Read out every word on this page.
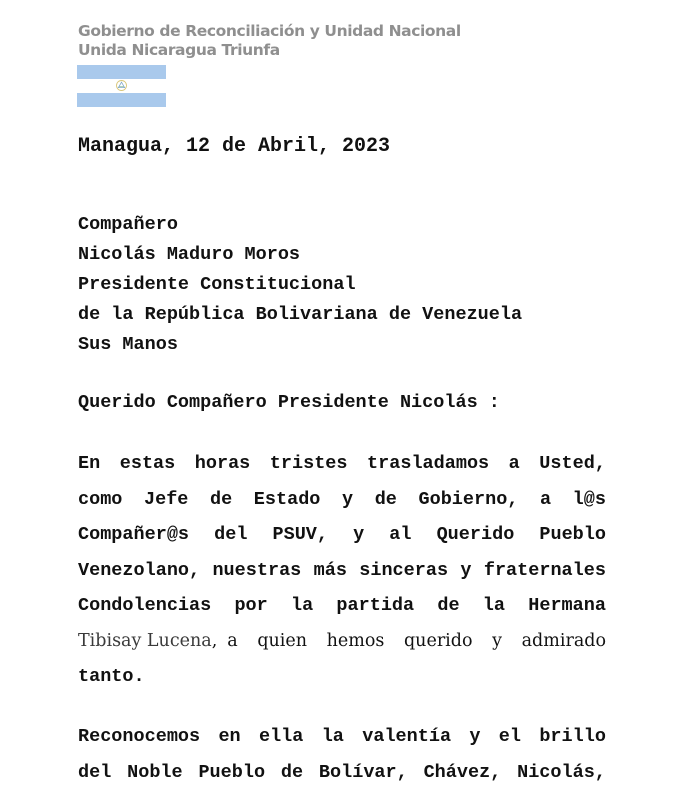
Gobierno de Reconciliación y Unidad Nacional
Unida Nicaragua Triunfa

Managua, 12 de Abril, 2023

Compañero
Nicolás Maduro Moros
Presidente Constitucional
de la República Bolivariana de Venezuela
Sus Manos

Querido Compañero Presidente Nicolás :

En estas horas tristes trasladamos a Usted,
como Jefe de Estado y de Gobierno, a l@s
Compañer@s del PSUV, y al Querido Pueblo
Venezolano, nuestras más sinceras y fraternales
Condolencias por la partida de la Hermana
Tibisay Lucena , a quien hemos querido y admirado
tanto.
Reconocemos en ella la valentía y el brillo
del Noble Pueblo de Bolívar, Chávez, Nicolás,
